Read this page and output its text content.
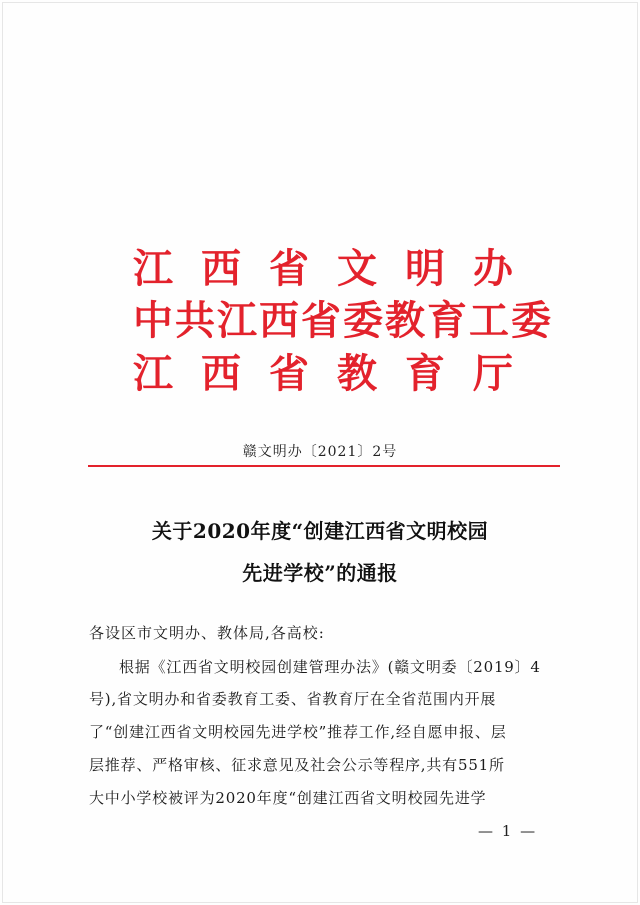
江西省文明办
中共江西省委教育工委
江西省教育厅
赣文明办〔2021〕2号
关于2020年度“创建江西省文明校园
先进学校”的通报
各设区市文明办、教体局,各高校:
根据《江西省文明校园创建管理办法》(赣文明委〔2019〕4
号),省文明办和省委教育工委、省教育厅在全省范围内开展
了“创建江西省文明校园先进学校”推荐工作,经自愿申报、层
层推荐、严格审核、征求意见及社会公示等程序,共有551所
大中小学校被评为2020年度“创建江西省文明校园先进学
— 1 —
